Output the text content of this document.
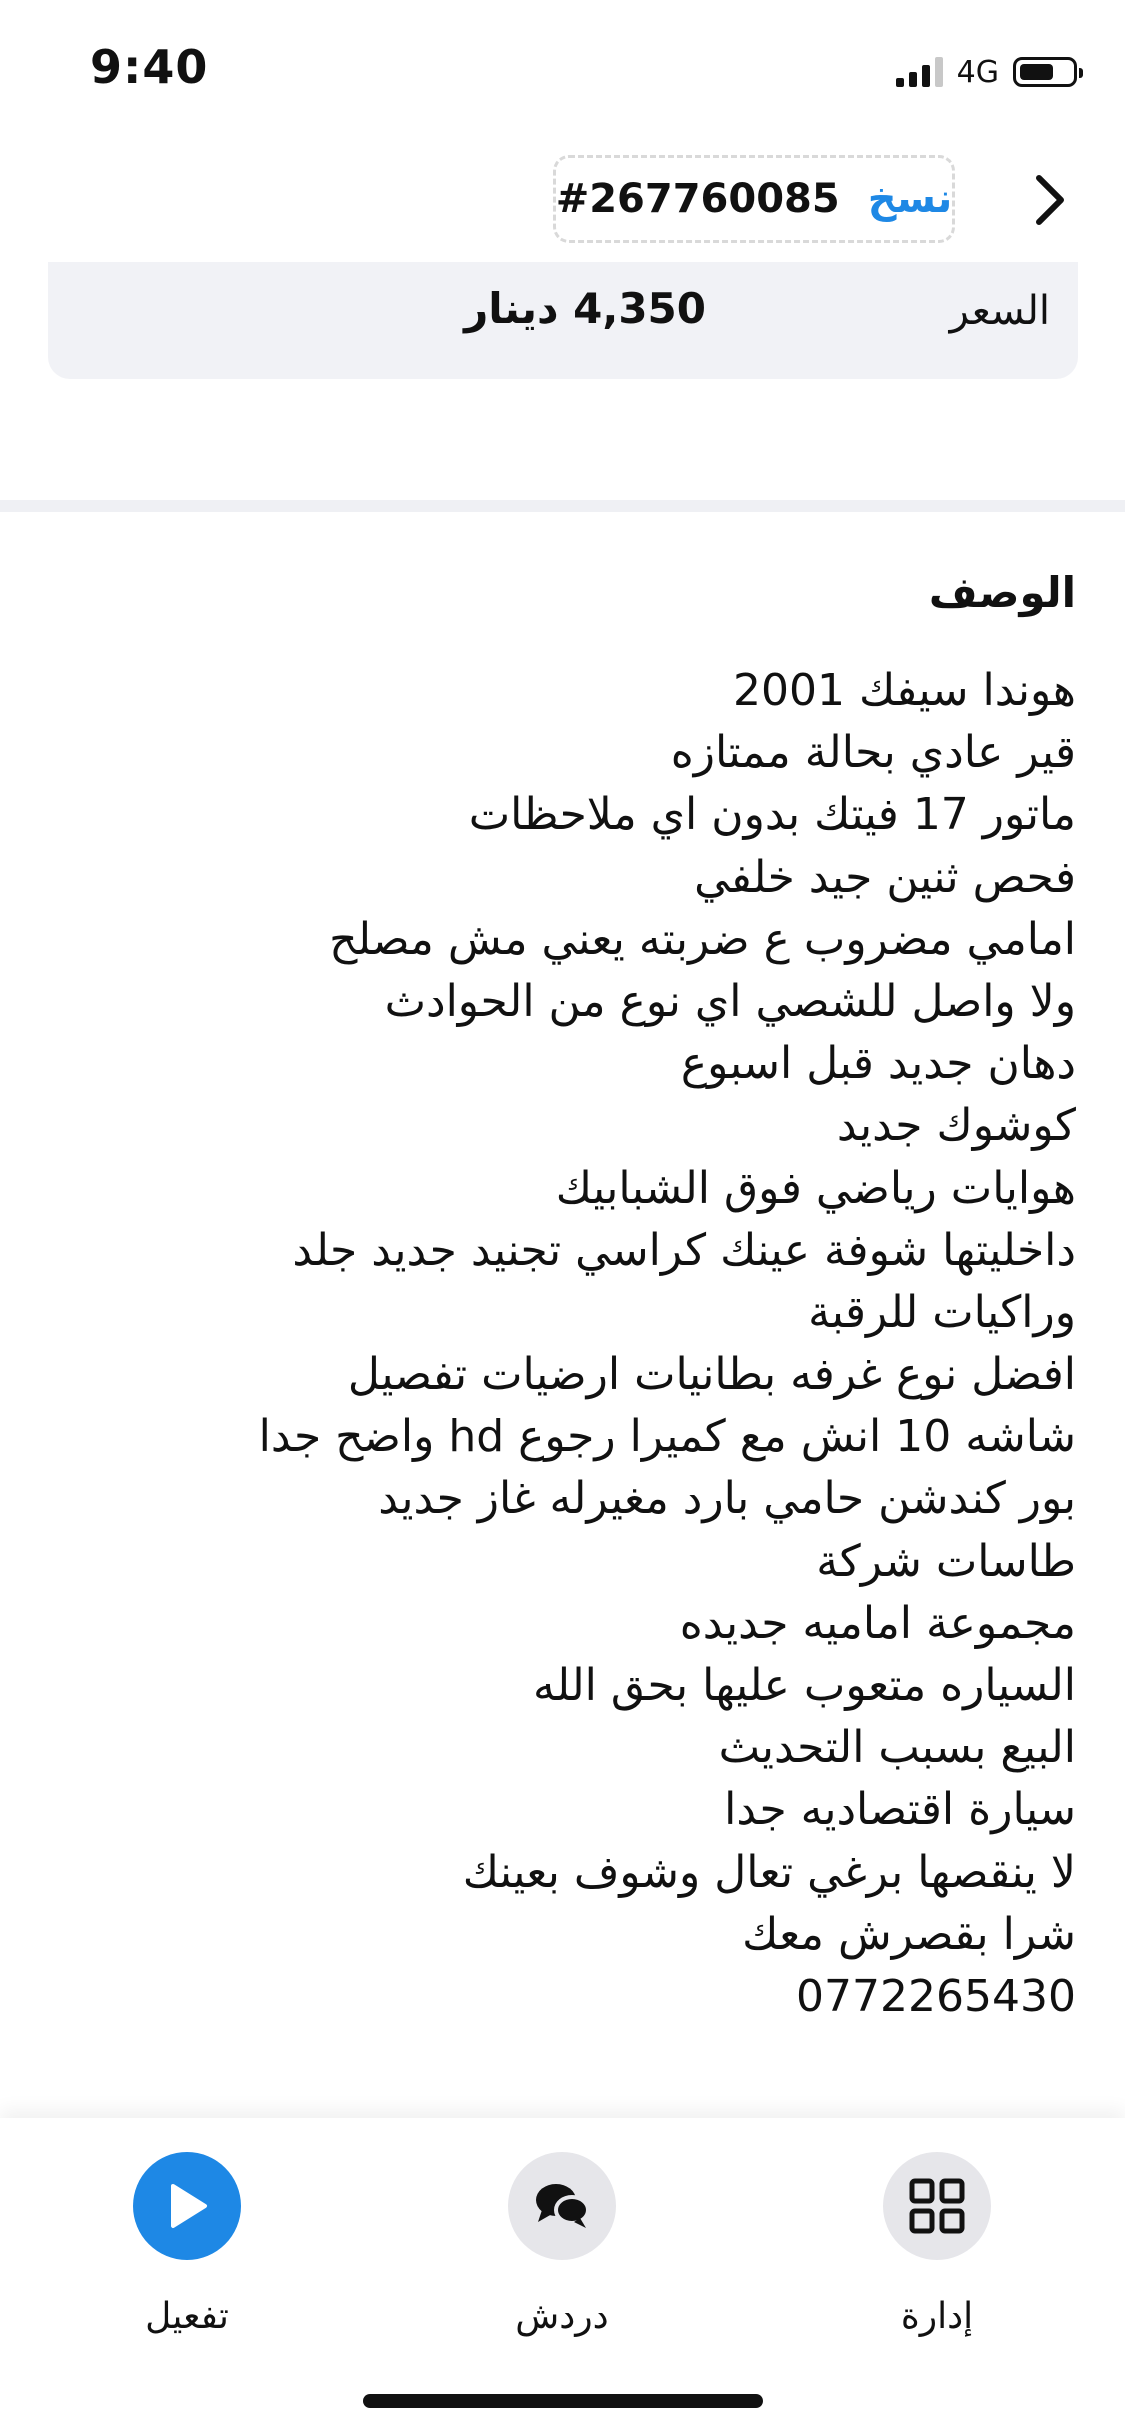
9:40	4G
نسخ
#267760085
السعر
4,350 دينار
الوصف
هوندا سيفك 2001
قير عادي بحالة ممتازه
ماتور 17 فيتك بدون اي ملاحظات
فحص ثنين جيد خلفي
امامي مضروب ع ضربته يعني مش مصلح
ولا واصل للشصي اي نوع من الحوادث
دهان جديد قبل اسبوع
كوشوك جديد
هوايات رياضي فوق الشبابيك
داخليتها شوفة عينك كراسي تجنيد جديد جلد
وراكيات للرقبة
افضل نوع غرفه بطانيات ارضيات تفصيل
شاشه 10 انش مع كميرا رجوع hd واضح جدا
بور كندشن حامي بارد مغيرله غاز جديد
طاسات شركة
مجموعة اماميه جديده
السياره متعوب عليها بحق الله
البيع بسبب التحديث
سيارة اقتصاديه جدا
لا ينقصها برغي تعال وشوف بعينك
شرا بقصرش معك
0772265430
تفعيل	دردش	إدارة
